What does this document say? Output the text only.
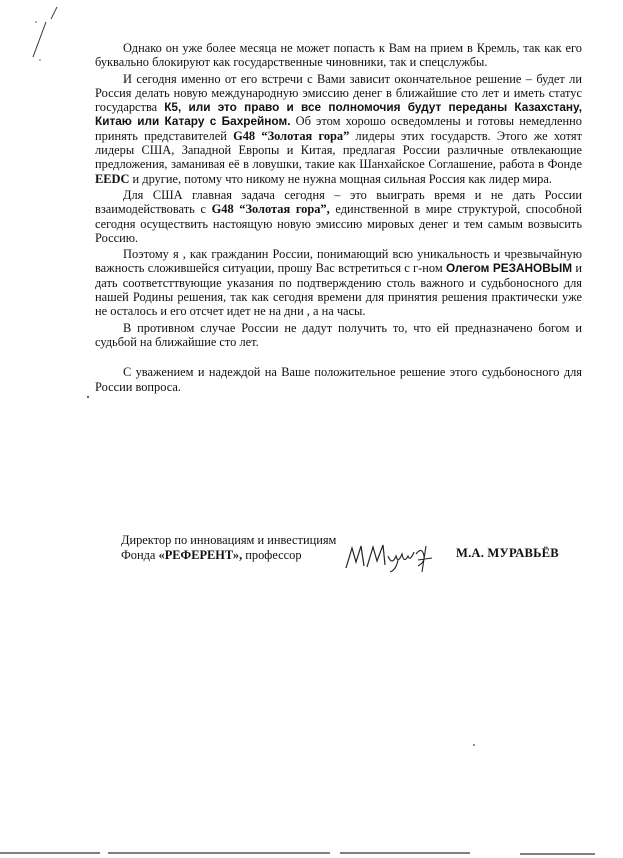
Однако он уже более месяца не может попасть к Вам на прием в Кремль, так как его буквально блокируют как государственные чиновники, так и спецслужбы.

И сегодня именно от его встречи с Вами зависит окончательное решение – будет ли Россия делать новую международную эмиссию денег в ближайшие сто лет и иметь статус государства К5, или это право и все полномочия будут переданы Казахстану, Китаю или Катару с Бахрейном. Об этом хорошо осведомлены и готовы немедленно принять представителей G48 “Золотая гора” лидеры этих государств. Этого же хотят лидеры США, Западной Европы и Китая, предлагая России различные отвлекающие предложения, заманивая её в ловушки, такие как Шанхайское Соглашение, работа в Фонде EEDC и другие, потому что никому не нужна мощная сильная Россия как лидер мира.

Для США главная задача сегодня – это выиграть время и не дать России взаимодействовать с G48 “Золотая гора”, единственной в мире структурой, способной сегодня осуществить настоящую новую эмиссию мировых денег и тем самым возвысить Россию.

Поэтому я , как гражданин России, понимающий всю уникальность и чрезвычайную важность сложившейся ситуации, прошу Вас встретиться с г-ном Олегом РЕЗАНОВЫМ и дать соответсттвующие указания по подтверждению столь важного и судьбоносного для нашей Родины решения, так как сегодня времени для принятия решения практически уже не осталось и его отсчет идет не на дни , а на часы.

В противном случае России не дадут получить то, что ей предназначено богом и судьбой на ближайшие сто лет.

С уважением и надеждой на Ваше положительное решение этого судьбоносного для России вопроса.

Директор по инновациям и инвестициям
Фонда «РЕФЕРЕНТ», профессор	М.А. МУРАВЬЁВ
